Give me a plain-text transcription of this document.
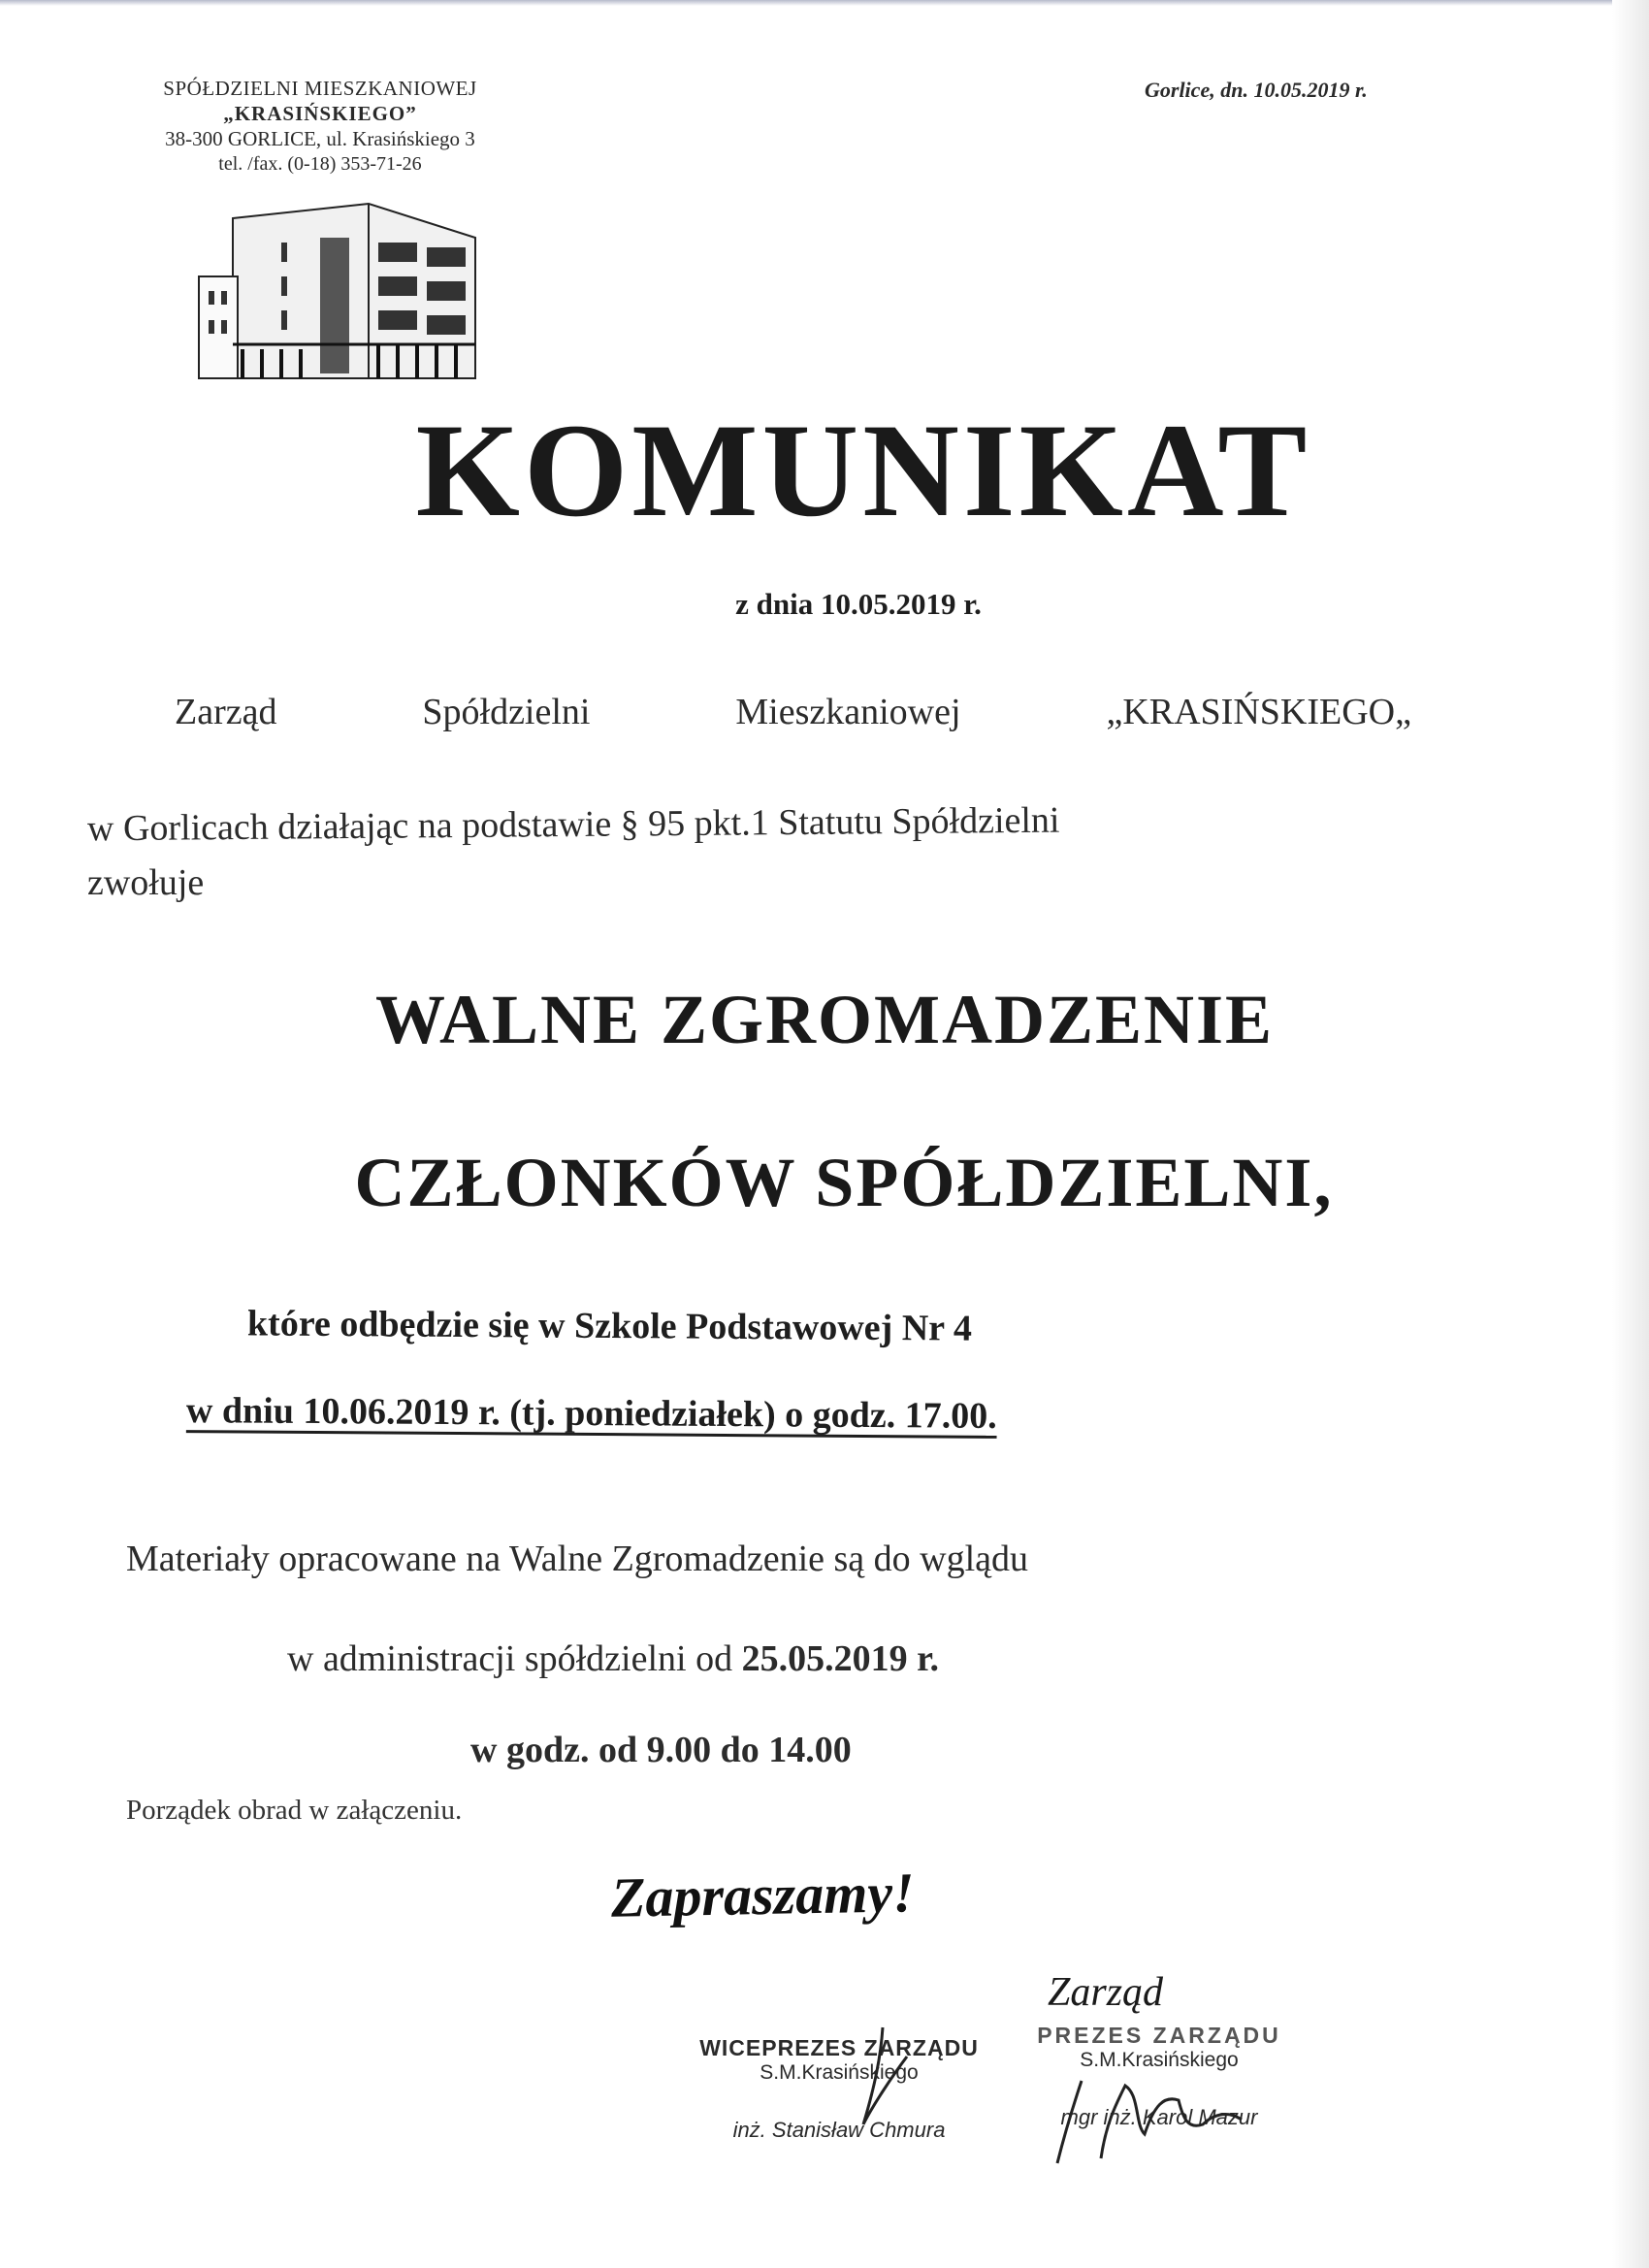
SPÓŁDZIELNI MIESZKANIOWEJ
„KRASIŃSKIEGO”
38-300 GORLICE, ul. Krasińskiego 3
tel. /fax. (0-18) 353-71-26
Gorlice, dn. 10.05.2019 r.
KOMUNIKAT
z dnia 10.05.2019 r.
Zarząd	Spółdzielni	Mieszkaniowej	„KRASIŃSKIEGO„
w Gorlicach działając na podstawie § 95 pkt.1 Statutu Spółdzielni
zwołuje
WALNE ZGROMADZENIE
CZŁONKÓW SPÓŁDZIELNI,
które odbędzie się w Szkole Podstawowej Nr 4
w dniu 10.06.2019 r. (tj. poniedziałek) o godz. 17.00.
Materiały opracowane na Walne Zgromadzenie są do wglądu
w administracji spółdzielni od 25.05.2019 r.
w godz. od 9.00 do 14.00
Porządek obrad w załączeniu.
Zapraszamy!
Zarząd
WICEPREZES ZARZĄDU
S.M.Krasińskiego
inż. Stanisław Chmura
PREZES ZARZĄDU
S.M.Krasińskiego
mgr inż. Karol Mazur
